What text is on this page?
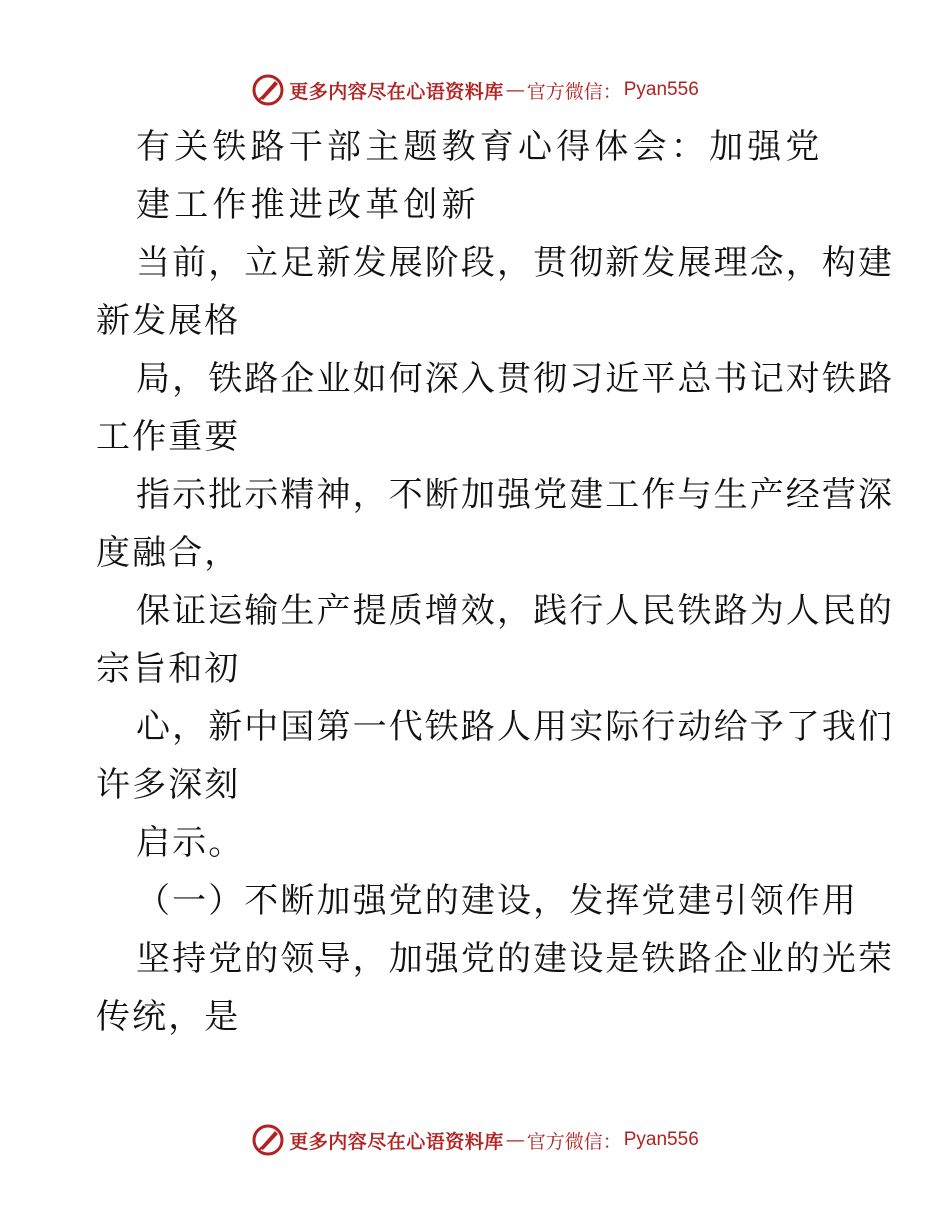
更多内容尽在心语资料库 — 官方微信： Pyan556
有关铁路干部主题教育心得体会：加强党
建工作推进改革创新
当前，立足新发展阶段，贯彻新发展理念，构建
新发展格
局，铁路企业如何深入贯彻习近平总书记对铁路
工作重要
指示批示精神，不断加强党建工作与生产经营深
度融合，
保证运输生产提质增效，践行人民铁路为人民的
宗旨和初
心，新中国第一代铁路人用实际行动给予了我们
许多深刻
启示。
（一）不断加强党的建设，发挥党建引领作用
坚持党的领导，加强党的建设是铁路企业的光荣
传统，是
更多内容尽在心语资料库 — 官方微信： Pyan556
